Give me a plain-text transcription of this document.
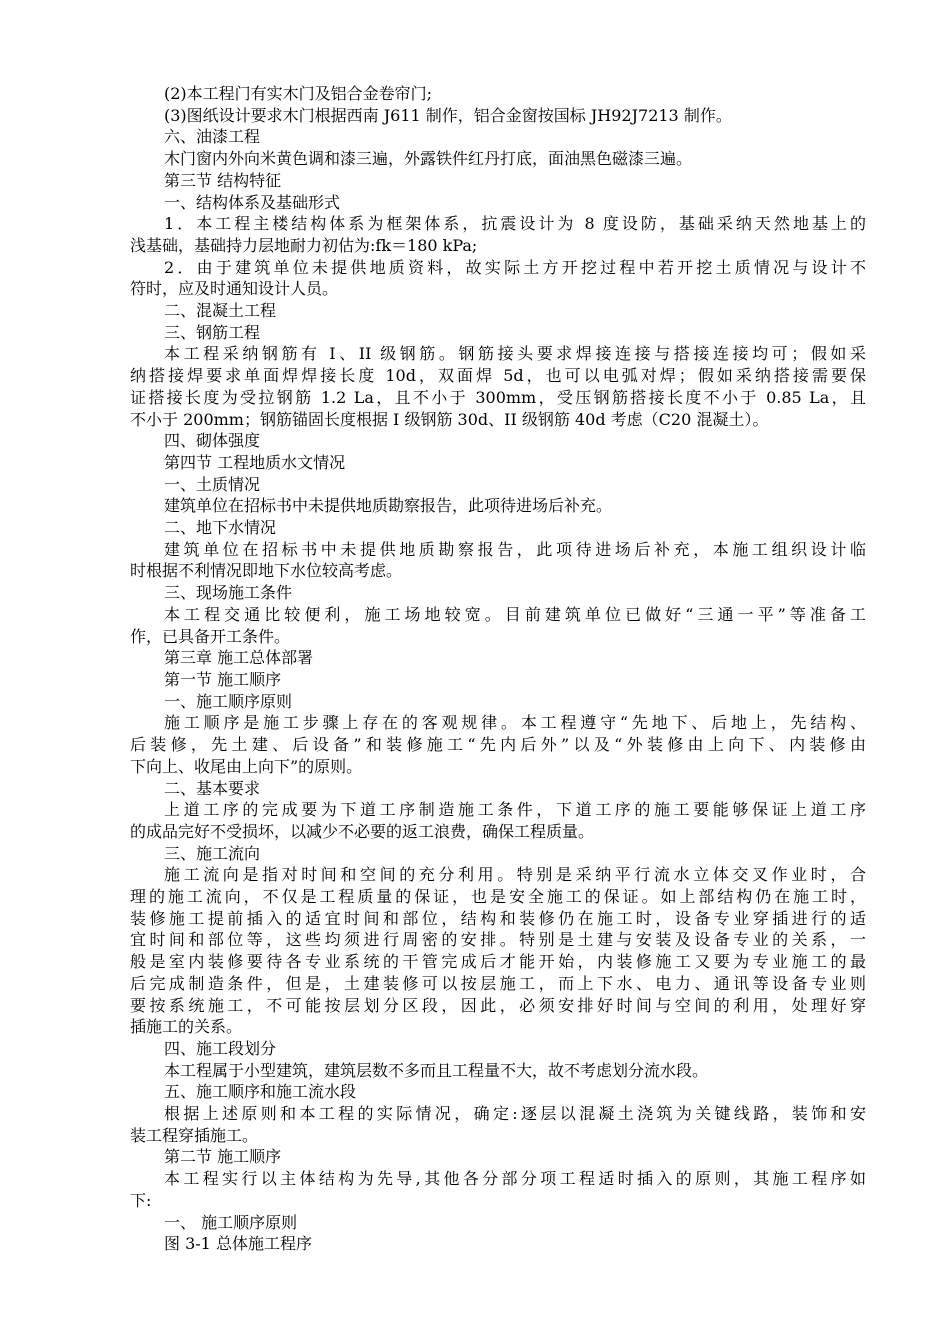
(2)本工程门有实木门及铝合金卷帘门;
(3)图纸设计要求木门根据西南 J611 制作，铝合金窗按国标 JH92J7213 制作。
六、油漆工程
木门窗内外向米黄色调和漆三遍，外露铁件红丹打底，面油黑色磁漆三遍。
第三节 结构特征
一、结构体系及基础形式
1．本工程主楼结构体系为框架体系，抗震设计为 8 度设防，基础采纳天然地基上的
浅基础，基础持力层地耐力初估为:fk＝180 kPa;
2．由于建筑单位未提供地质资料，故实际土方开挖过程中若开挖土质情况与设计不
符时，应及时通知设计人员。
二、混凝土工程
三、钢筋工程
本工程采纳钢筋有 I、II 级钢筋。钢筋接头要求焊接连接与搭接连接均可；假如采
纳搭接焊要求单面焊焊接长度 10d，双面焊 5d，也可以电弧对焊；假如采纳搭接需要保
证搭接长度为受拉钢筋 1.2 La，且不小于 300mm，受压钢筋搭接长度不小于 0.85 La，且
不小于 200mm；钢筋锚固长度根据 I 级钢筋 30d、II 级钢筋 40d 考虑（C20 混凝土）。
四、砌体强度
第四节 工程地质水文情况
一、土质情况
建筑单位在招标书中未提供地质勘察报告，此项待进场后补充。
二、地下水情况
建筑单位在招标书中未提供地质勘察报告，此项待进场后补充，本施工组织设计临
时根据不利情况即地下水位较高考虑。
三、现场施工条件
本工程交通比较便利，施工场地较宽。目前建筑单位已做好“三通一平”等准备工
作，已具备开工条件。
第三章 施工总体部署
第一节 施工顺序
一、施工顺序原则
施工顺序是施工步骤上存在的客观规律。本工程遵守“先地下、后地上，先结构、
后装修，先土建、后设备”和装修施工“先内后外”以及“外装修由上向下、内装修由
下向上、收尾由上向下”的原则。
二、基本要求
上道工序的完成要为下道工序制造施工条件，下道工序的施工要能够保证上道工序
的成品完好不受损坏，以减少不必要的返工浪费，确保工程质量。
三、施工流向
施工流向是指对时间和空间的充分利用。特别是采纳平行流水立体交叉作业时，合
理的施工流向，不仅是工程质量的保证，也是安全施工的保证。如上部结构仍在施工时，
装修施工提前插入的适宜时间和部位，结构和装修仍在施工时，设备专业穿插进行的适
宜时间和部位等，这些均须进行周密的安排。特别是土建与安装及设备专业的关系，一
般是室内装修要待各专业系统的干管完成后才能开始，内装修施工又要为专业施工的最
后完成制造条件，但是，土建装修可以按层施工，而上下水、电力、通讯等设备专业则
要按系统施工，不可能按层划分区段，因此，必须安排好时间与空间的利用，处理好穿
插施工的关系。
四、施工段划分
本工程属于小型建筑，建筑层数不多而且工程量不大，故不考虑划分流水段。
五、施工顺序和施工流水段
根据上述原则和本工程的实际情况，确定:逐层以混凝土浇筑为关键线路，装饰和安
装工程穿插施工。
第二节 施工顺序
本工程实行以主体结构为先导,其他各分部分项工程适时插入的原则，其施工程序如
下:
一、 施工顺序原则
图 3-1 总体施工程序
